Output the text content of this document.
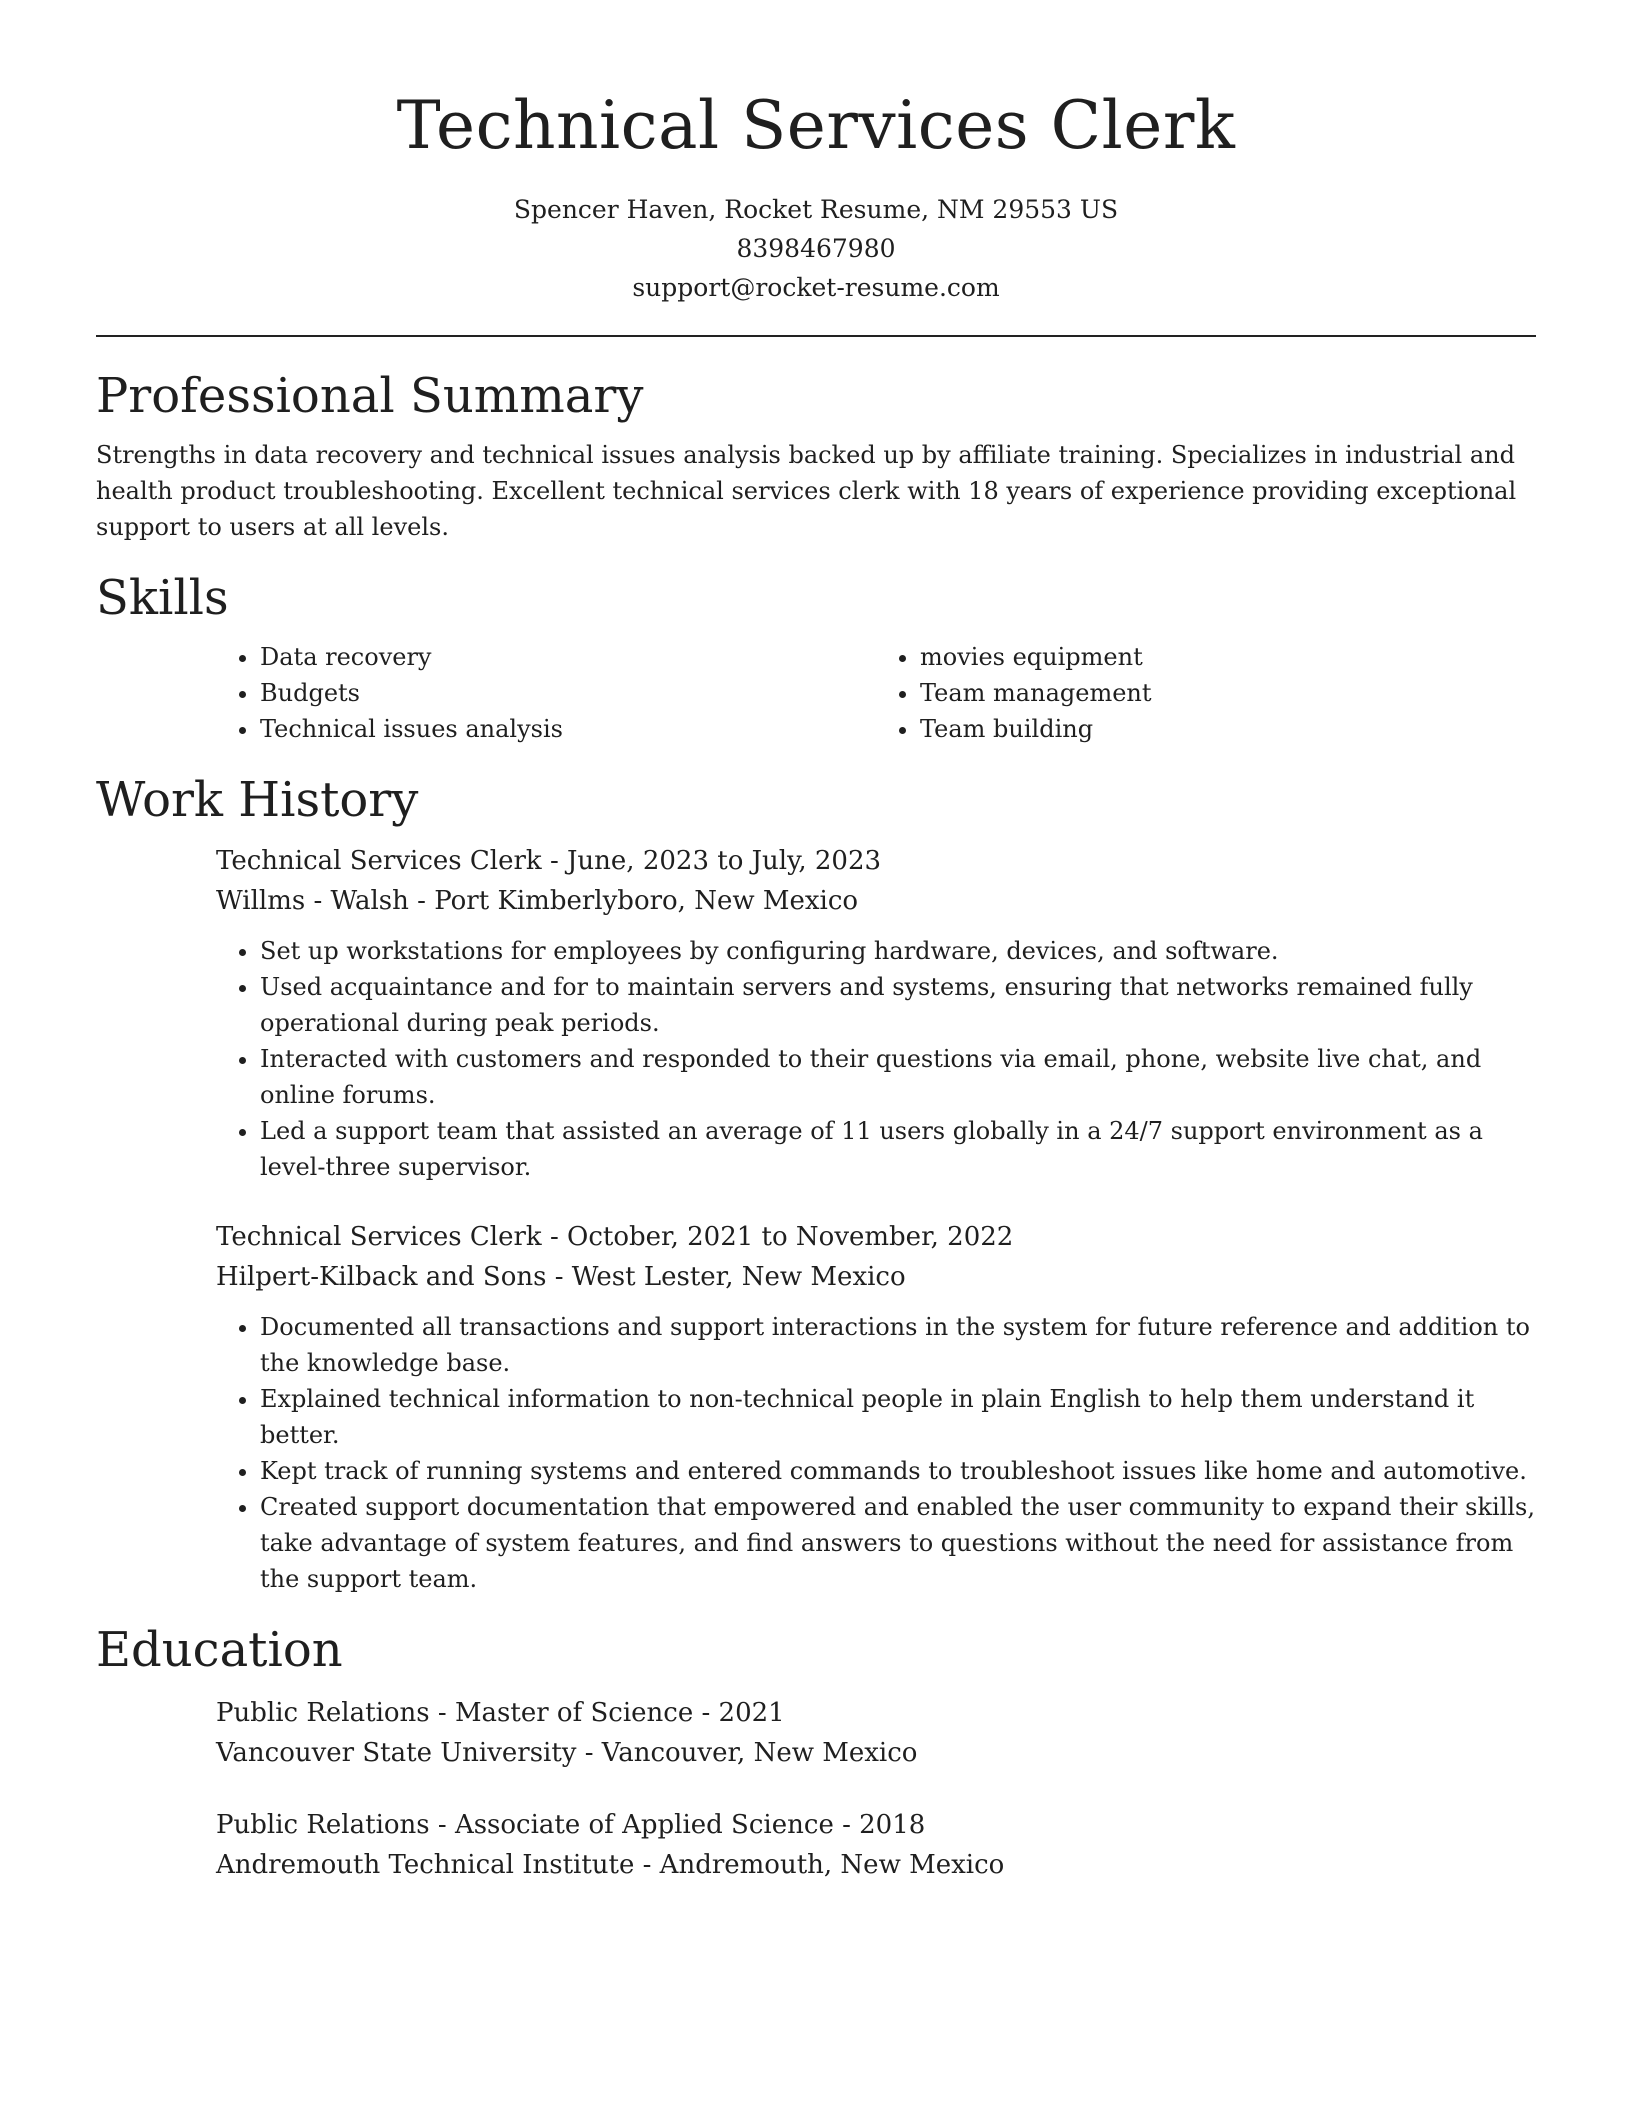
Technical Services Clerk
Spencer Haven, Rocket Resume, NM 29553 US
8398467980
support@rocket-resume.com
Professional Summary

Strengths in data recovery and technical issues analysis backed up by affiliate training. Specializes in industrial and health product troubleshooting. Excellent technical services clerk with 18 years of experience providing exceptional support to users at all levels.

Skills
• Data recovery
• Budgets
• Technical issues analysis
• movies equipment
• Team management
• Team building
Work History
Technical Services Clerk - June, 2023 to July, 2023
Willms - Walsh - Port Kimberlyboro, New Mexico
• Set up workstations for employees by configuring hardware, devices, and software.
• Used acquaintance and for to maintain servers and systems, ensuring that networks remained fully operational during peak periods.
• Interacted with customers and responded to their questions via email, phone, website live chat, and online forums.
• Led a support team that assisted an average of 11 users globally in a 24/7 support environment as a level-three supervisor.
Technical Services Clerk - October, 2021 to November, 2022
Hilpert-Kilback and Sons - West Lester, New Mexico
• Documented all transactions and support interactions in the system for future reference and addition to the knowledge base.
• Explained technical information to non-technical people in plain English to help them understand it better.
• Kept track of running systems and entered commands to troubleshoot issues like home and automotive.
• Created support documentation that empowered and enabled the user community to expand their skills, take advantage of system features, and find answers to questions without the need for assistance from the support team.
Education
Public Relations - Master of Science - 2021
Vancouver State University - Vancouver, New Mexico
Public Relations - Associate of Applied Science - 2018
Andremouth Technical Institute - Andremouth, New Mexico
